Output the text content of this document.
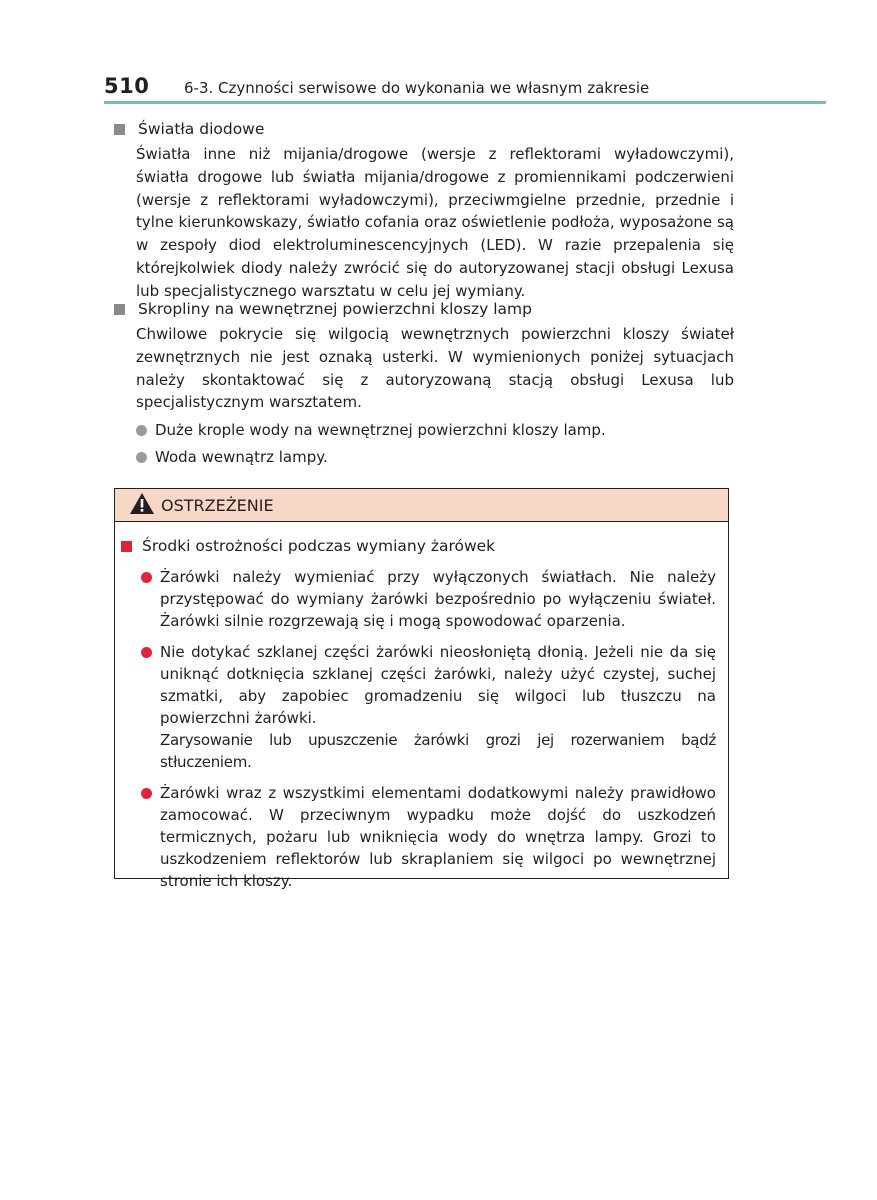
510 6-3. Czynności serwisowe do wykonania we własnym zakresie
Światła diodowe
Światła inne niż mijania/drogowe (wersje z reflektorami wyładowczymi), światła drogowe lub światła mijania/drogowe z promiennikami podczerwieni (wersje z reflektorami wyładowczymi), przeciwmgielne przednie, przednie i tylne kierunkowskazy, światło cofania oraz oświetlenie podłoża, wyposażone są w zespoły diod elektroluminescencyjnych (LED). W razie przepalenia się którejkolwiek diody należy zwrócić się do autoryzowanej stacji obsługi Lexusa lub specjalistycznego warsztatu w celu jej wymiany.
Skropliny na wewnętrznej powierzchni kloszy lamp
Chwilowe pokrycie się wilgocią wewnętrznych powierzchni kloszy świateł zewnętrznych nie jest oznaką usterki. W wymienionych poniżej sytuacjach należy skontaktować się z autoryzowaną stacją obsługi Lexusa lub specjalistycznym warsztatem.
Duże krople wody na wewnętrznej powierzchni kloszy lamp.
Woda wewnątrz lampy.
OSTRZEŻENIE
Środki ostrożności podczas wymiany żarówek
Żarówki należy wymieniać przy wyłączonych światłach. Nie należy przystępować do wymiany żarówki bezpośrednio po wyłączeniu świateł. Żarówki silnie rozgrzewają się i mogą spowodować oparzenia.
Nie dotykać szklanej części żarówki nieosłoniętą dłonią. Jeżeli nie da się uniknąć dotknięcia szklanej części żarówki, należy użyć czystej, suchej szmatki, aby zapobiec gromadzeniu się wilgoci lub tłuszczu na powierzchni żarówki.
Zarysowanie lub upuszczenie żarówki grozi jej rozerwaniem bądź stłuczeniem.
Żarówki wraz z wszystkimi elementami dodatkowymi należy prawidłowo zamocować. W przeciwnym wypadku może dojść do uszkodzeń termicznych, pożaru lub wniknięcia wody do wnętrza lampy. Grozi to uszkodzeniem reflektorów lub skraplaniem się wilgoci po wewnętrznej stronie ich kloszy.
